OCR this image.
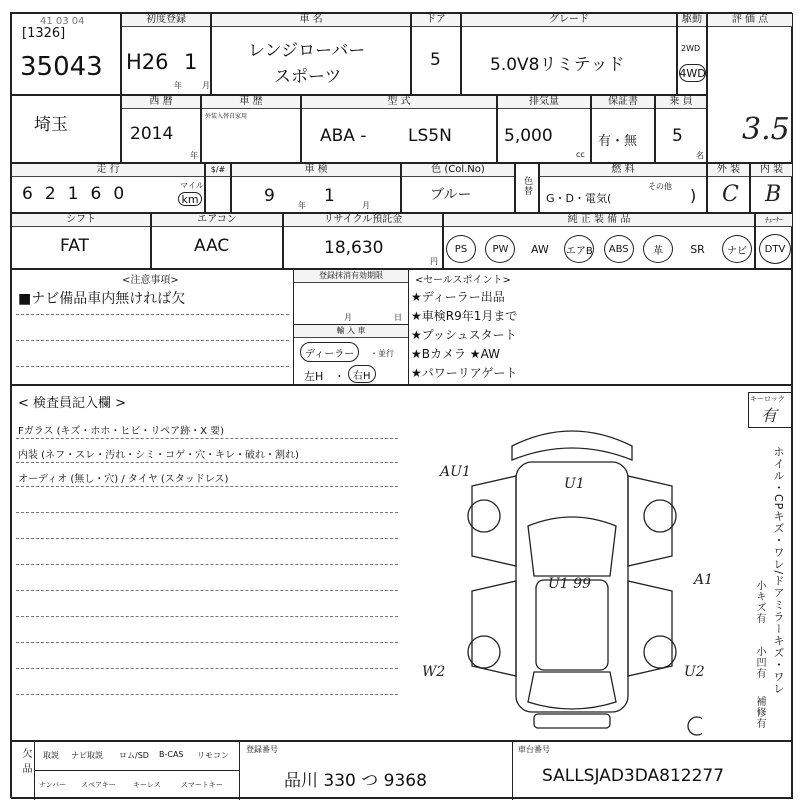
41 03 04
[1326]
35043
初度登録
H26 1
年	月
車 名
レンジローバー
スポーツ
ドア
5
グレード
5.0V8リミテッド
駆動
2WD
4WD
評 価 点
3.5
埼玉
西 暦
2014
年
車 歴
外装入替自家用
型 式
ABA - LS5N
排気量
5,000
cc
保証書
有・無
乗 員
5
名
走 行
62160	マイル
km
$/#	車 検
9	年 1	月
色 (Col.No)
ブルー	色替
燃 料
G・D・電気(
その他 )
外 装
C
内 装
B
シフト
FAT
エアコン
AAC
リサイクル預託金
18,630
円
純 正 装 備 品
PS	PW	AW	エアB	ABS	革	SR	ナビ
ﾁｭｰﾅｰ
DTV
<注意事項>
■ナビ備品車内無ければ欠
登録抹消有効期限
月	日
輸 入 車
ディーラー	・並行
左H ・ 右H
<セールスポイント>
★ディーラー出品
★車検R9年1月まで
★プッシュスタート
★Bカメラ ★AW
★パワーリアゲート
< 検査員記入欄 >
Fガラス (キズ・ホホ・ヒビ・リペア跡・X 要)
内装 (ネフ・スレ・汚れ・シミ・コゲ・穴・キレ・破れ・割れ)
オーディオ (無し・穴) / タイヤ (スタッドレス)	AU1
U1
U1 99	A1
W2	U2
キーロック
有
ホイル・CPキズ・ワレ/ドアミラーキズ・ワレ
小キズ有
小凹有
補修有
欠 品 取説 ナビ取説 ロム/SD B-CAS リモコン
ナンバー スペアキー キーレス	スマートキー
登録番号
品川 330 つ 9368
車台番号
SALLSJAD3DA812277
